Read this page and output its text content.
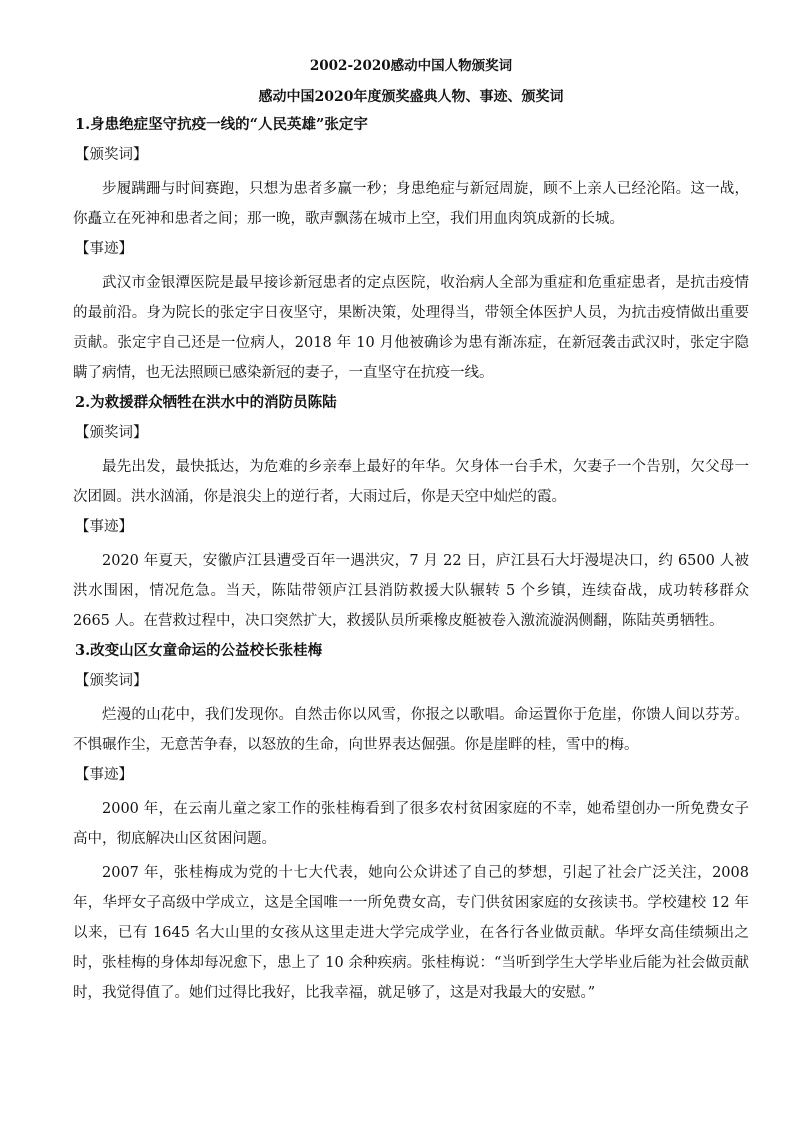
2002-2020感动中国人物颁奖词

感动中国2020年度颁奖盛典人物、事迹、颁奖词

1.身患绝症坚守抗疫一线的“人民英雄”张定宇

【颁奖词】

步履蹒跚与时间赛跑，只想为患者多赢一秒；身患绝症与新冠周旋，顾不上亲人已经沦陷。这一战，你矗立在死神和患者之间；那一晚，歌声飘荡在城市上空，我们用血肉筑成新的长城。

【事迹】

武汉市金银潭医院是最早接诊新冠患者的定点医院，收治病人全部为重症和危重症患者，是抗击疫情的最前沿。身为院长的张定宇日夜坚守，果断决策，处理得当，带领全体医护人员，为抗击疫情做出重要贡献。张定宇自己还是一位病人，2018 年 10 月他被确诊为患有渐冻症，在新冠袭击武汉时，张定宇隐瞒了病情，也无法照顾已感染新冠的妻子，一直坚守在抗疫一线。

2.为救援群众牺牲在洪水中的消防员陈陆

【颁奖词】

最先出发，最快抵达，为危难的乡亲奉上最好的年华。欠身体一台手术，欠妻子一个告别，欠父母一次团圆。洪水汹涌，你是浪尖上的逆行者，大雨过后，你是天空中灿烂的霞。

【事迹】

2020 年夏天，安徽庐江县遭受百年一遇洪灾，7 月 22 日，庐江县石大圩漫堤决口，约 6500 人被洪水围困，情况危急。当天，陈陆带领庐江县消防救援大队辗转 5 个乡镇，连续奋战，成功转移群众 2665 人。在营救过程中，决口突然扩大，救援队员所乘橡皮艇被卷入激流漩涡侧翻，陈陆英勇牺牲。

3.改变山区女童命运的公益校长张桂梅

【颁奖词】

烂漫的山花中，我们发现你。自然击你以风雪，你报之以歌唱。命运置你于危崖，你馈人间以芬芳。不惧碾作尘，无意苦争春，以怒放的生命，向世界表达倔强。你是崖畔的桂，雪中的梅。

【事迹】

2000 年，在云南儿童之家工作的张桂梅看到了很多农村贫困家庭的不幸，她希望创办一所免费女子高中，彻底解决山区贫困问题。

2007 年，张桂梅成为党的十七大代表，她向公众讲述了自己的梦想，引起了社会广泛关注，2008 年，华坪女子高级中学成立，这是全国唯一一所免费女高，专门供贫困家庭的女孩读书。学校建校 12 年以来，已有 1645 名大山里的女孩从这里走进大学完成学业，在各行各业做贡献。华坪女高佳绩频出之时，张桂梅的身体却每况愈下，患上了 10 余种疾病。张桂梅说：“当听到学生大学毕业后能为社会做贡献时，我觉得值了。她们过得比我好，比我幸福，就足够了，这是对我最大的安慰。”
